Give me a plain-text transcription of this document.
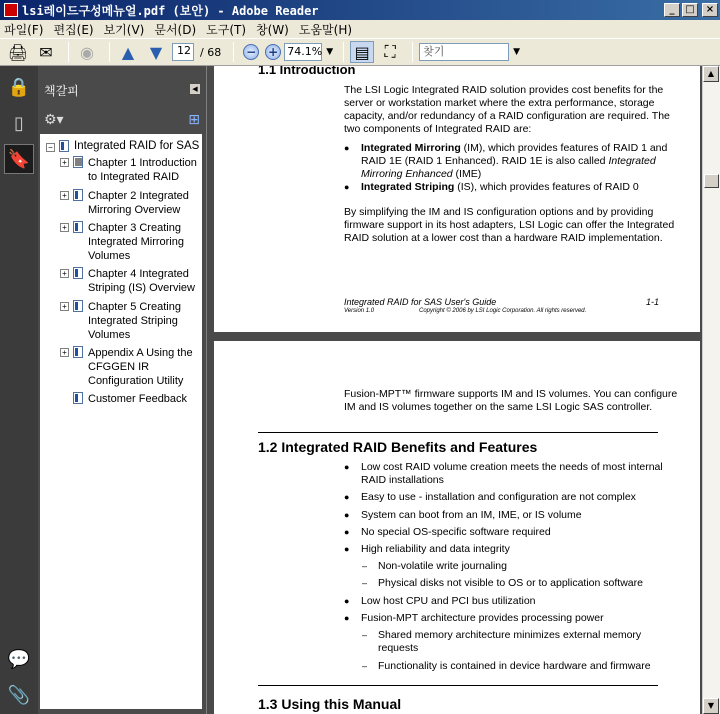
lsi레이드구성메뉴얼.pdf (보안) - Adobe Reader	_	□	×
파일(F) 편집(E) 보기(V) 문서(D) 도구(T) 창(W) 도움말(H)
🖨 ✉	◉	▲ ▼	12 / 68 − + 74.1% ▼ ▤ ⛶	찾기	▼
🔒
▯
🔖
💬
📎
책갈피	◀
⚙▾	⊞
− Integrated RAID for SAS
+ Chapter 1 Introduction
to Integrated RAID
+ Chapter 2 Integrated
Mirroring Overview
+ Chapter 3 Creating
Integrated Mirroring
Volumes
+ Chapter 4 Integrated
Striping (IS) Overview
+ Chapter 5 Creating
Integrated Striping
Volumes
+ Appendix A Using the
CFGGEN IR
Configuration Utility
Customer Feedback
1.1 Introduction
The LSI Logic Integrated RAID solution provides cost benefits for the
server or workstation market where the extra performance, storage
capacity, and/or redundancy of a RAID configuration are required. The
two components of Integrated RAID are:
● Integrated Mirroring (IM), which provides features of RAID 1 and
RAID 1E (RAID 1 Enhanced). RAID 1E is also called Integrated
Mirroring Enhanced (IME)
● Integrated Striping (IS), which provides features of RAID 0
By simplifying the IM and IS configuration options and by providing
firmware support in its host adapters, LSI Logic can offer the Integrated
RAID solution at a lower cost than a hardware RAID implementation.
Integrated RAID for SAS User's Guide	1-1
Version 1.0	Copyright © 2006 by LSI Logic Corporation. All rights reserved.
Fusion-MPT™ firmware supports IM and IS volumes. You can configure
IM and IS volumes together on the same LSI Logic SAS controller.
1.2 Integrated RAID Benefits and Features
● Low cost RAID volume creation meets the needs of most internal
RAID installations
● Easy to use - installation and configuration are not complex
● System can boot from an IM, IME, or IS volume
● No special OS-specific software required
● High reliability and data integrity
– Non-volatile write journaling
– Physical disks not visible to OS or to application software
● Low host CPU and PCI bus utilization
● Fusion-MPT architecture provides processing power
– Shared memory architecture minimizes external memory
requests
– Functionality is contained in device hardware and firmware
1.3 Using this Manual
▲
▼
